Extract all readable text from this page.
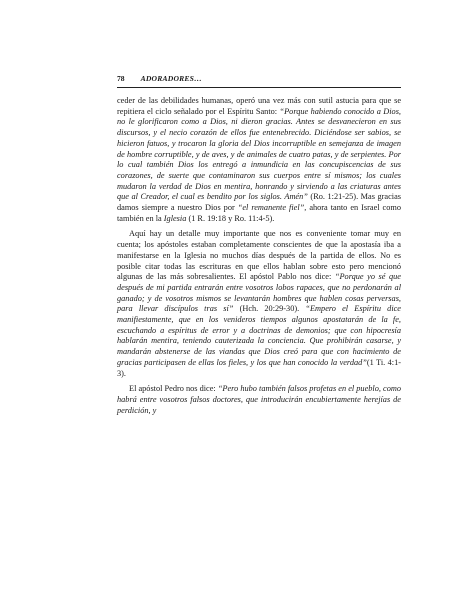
78 ADORADORES…

ceder de las debilidades humanas, operó una vez más con sutil astucia para que se repitiera el ciclo señalado por el Espíritu Santo: “Porque habiendo conocido a Dios, no le glorificaron como a Dios, ni dieron gracias. Antes se desvanecieron en sus discursos, y el necio corazón de ellos fue entenebrecido. Diciéndose ser sabios, se hicieron fatuos, y trocaron la gloria del Dios incorruptible en semejanza de imagen de hombre corruptible, y de aves, y de animales de cuatro patas, y de serpientes. Por lo cual también Dios los entregó a inmundicia en las concupiscencias de sus corazones, de suerte que contaminaron sus cuerpos entre sí mismos; los cuales mudaron la verdad de Dios en mentira, honrando y sirviendo a las criaturas antes que al Creador, el cual es bendito por los siglos. Amén” (Ro. 1:21-25). Mas gracias damos siempre a nuestro Dios por “el remanente fiel”, ahora tanto en Israel como también en la Iglesia (1 R. 19:18 y Ro. 11:4-5).

Aquí hay un detalle muy importante que nos es conveniente tomar muy en cuenta; los apóstoles estaban completamente conscientes de que la apostasía iba a manifestarse en la Iglesia no muchos días después de la partida de ellos. No es posible citar todas las escrituras en que ellos hablan sobre esto pero mencionó algunas de las más sobresalientes. El apóstol Pablo nos dice: “Porque yo sé que después de mi partida entrarán entre vosotros lobos rapaces, que no perdonarán al ganado; y de vosotros mismos se levantarán hombres que hablen cosas perversas, para llevar discípulos tras sí” (Hch. 20:29-30). “Empero el Espíritu dice manifiestamente, que en los venideros tiempos algunos apostatarán de la fe, escuchando a espíritus de error y a doctrinas de demonios; que con hipocresía hablarán mentira, teniendo cauterizada la conciencia. Que prohibirán casarse, y mandarán abstenerse de las viandas que Dios creó para que con hacimiento de gracias participasen de ellas los fieles, y los que han conocido la verdad”(1 Ti. 4:1-3).

El apóstol Pedro nos dice: “Pero hubo también falsos profetas en el pueblo, como habrá entre vosotros falsos doctores, que introducirán encubiertamente herejías de perdición, y
